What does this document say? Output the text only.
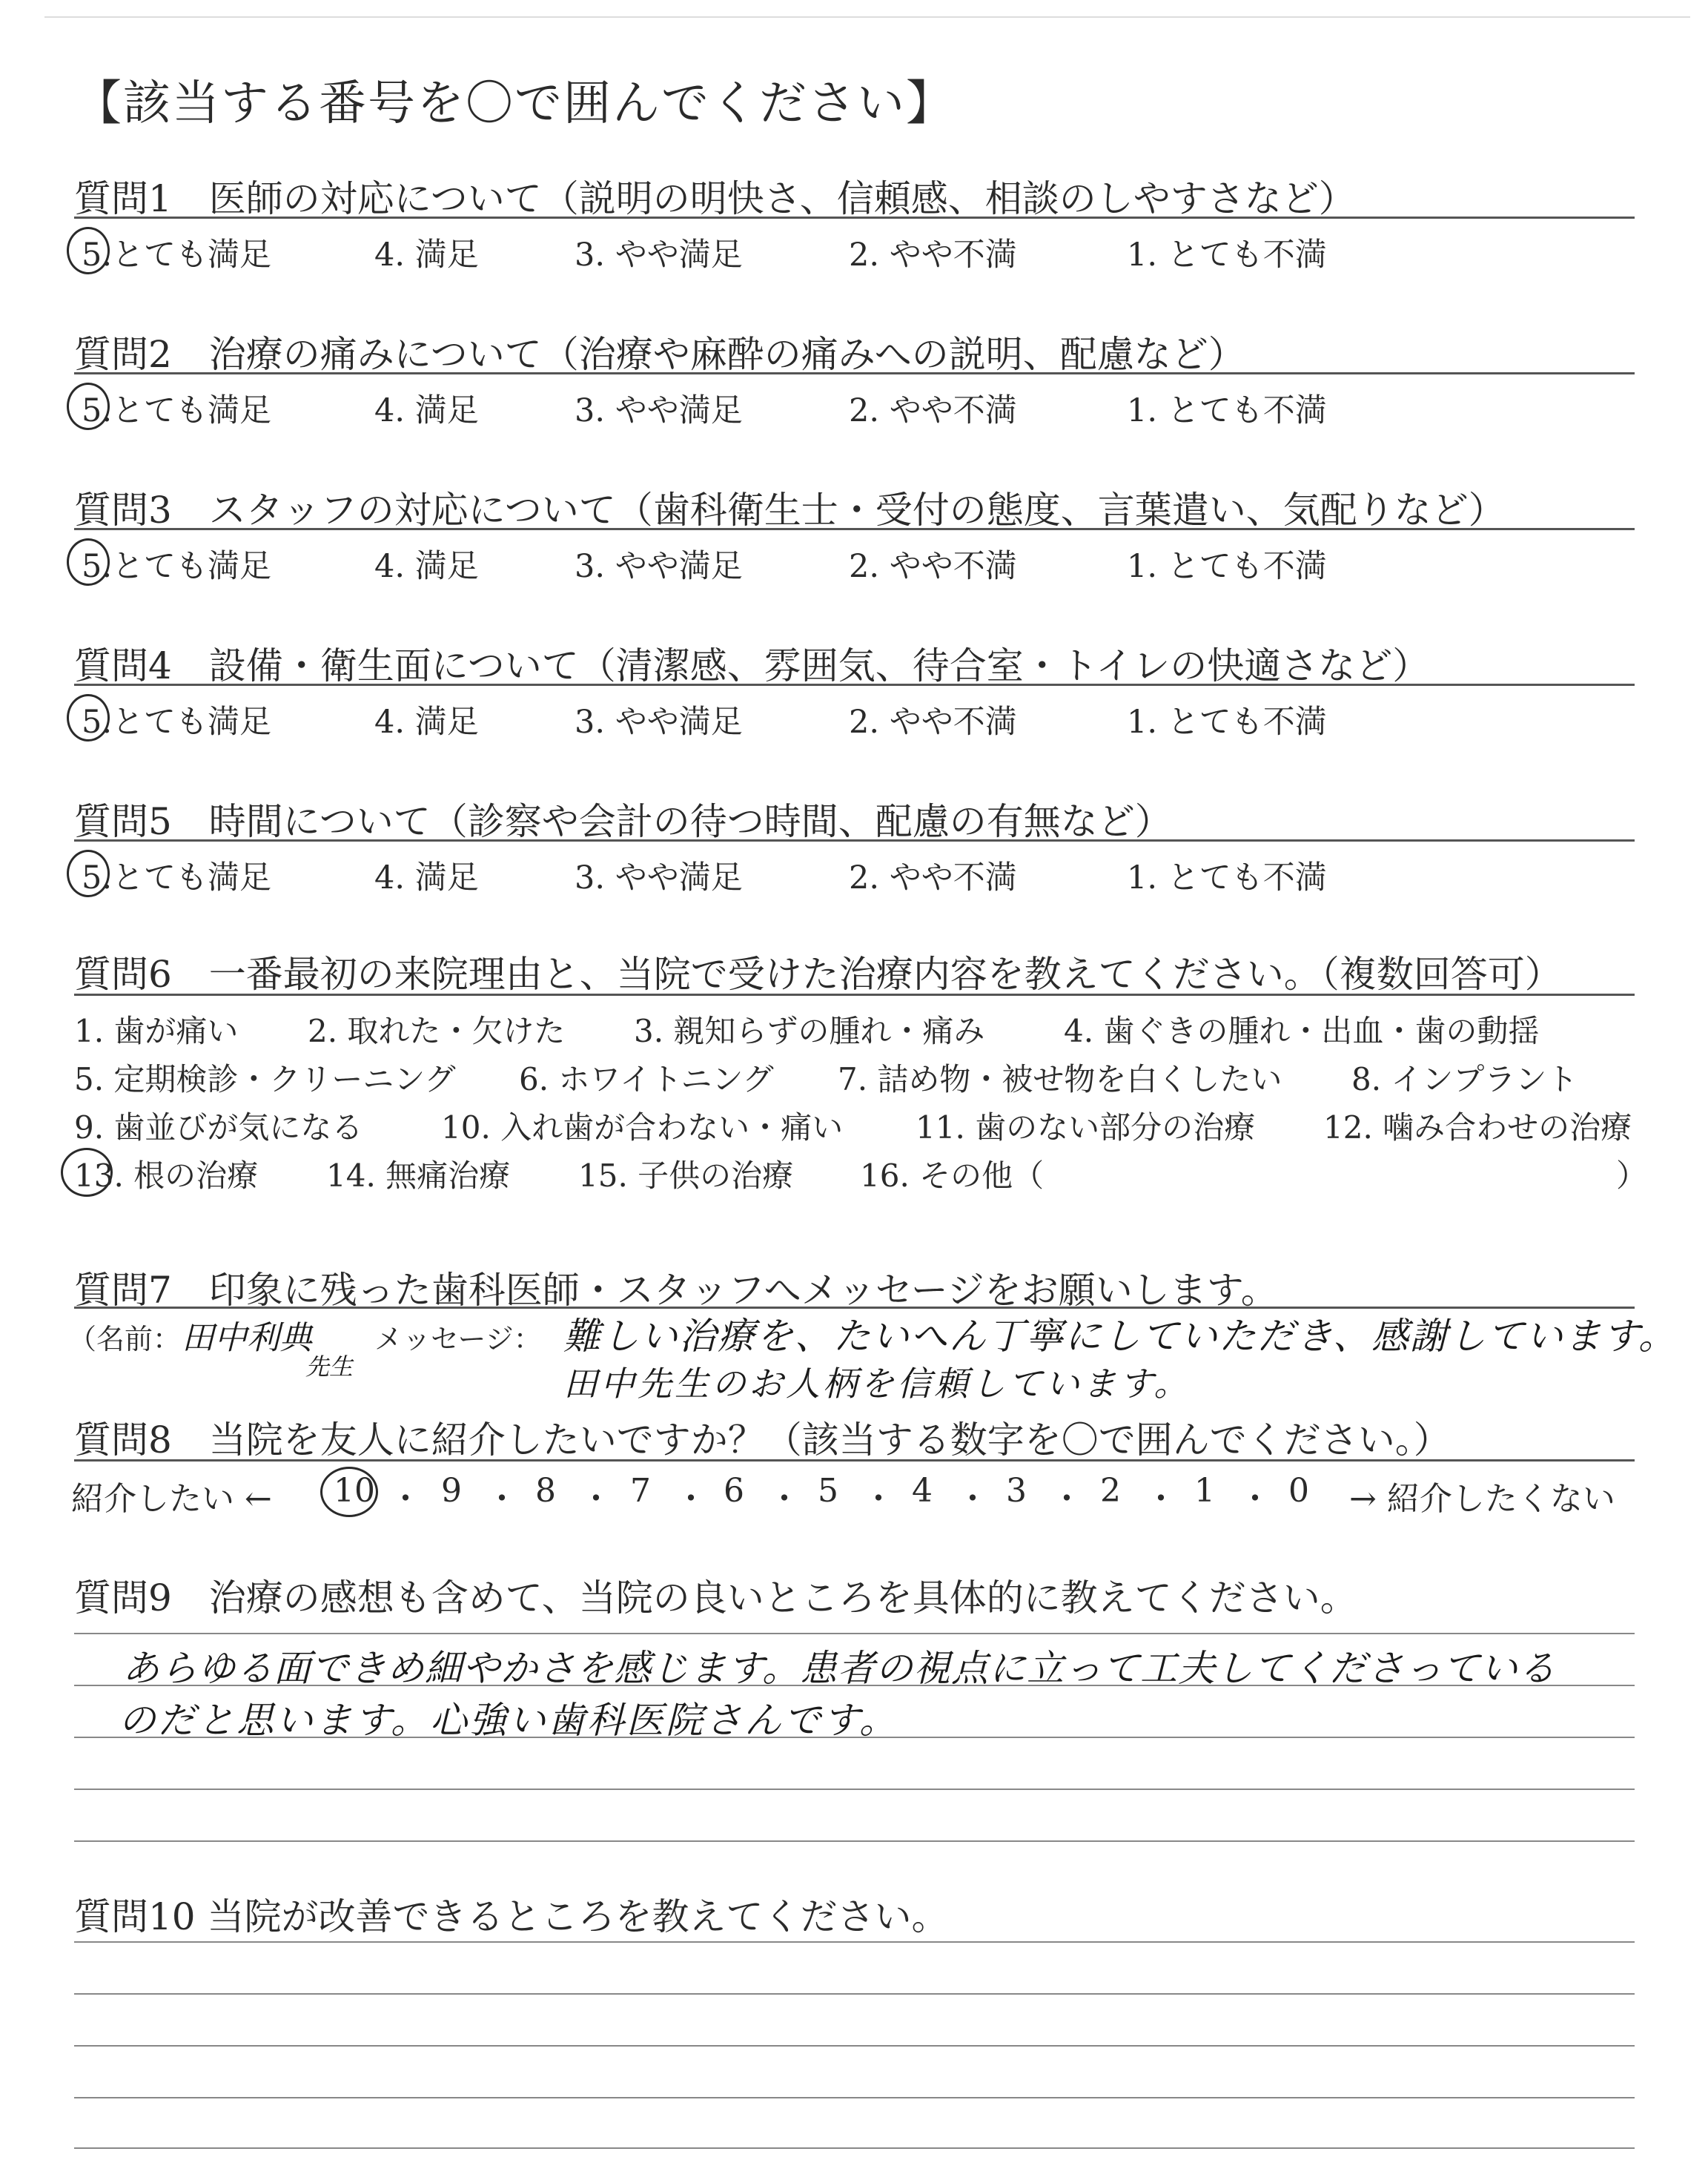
【該当する番号を〇で囲んでください】
質問1　医師の対応について（説明の明快さ、信頼感、相談のしやすさなど）
5.とても満足	4. 満足	3. やや満足	2. やや不満	1. とても不満
質問2　治療の痛みについて（治療や麻酔の痛みへの説明、配慮など）
5.とても満足	4. 満足	3. やや満足	2. やや不満	1. とても不満
質問3　スタッフの対応について（歯科衛生士・受付の態度、言葉遣い、気配りなど）
5.とても満足	4. 満足	3. やや満足	2. やや不満	1. とても不満
質問4　設備・衛生面について（清潔感、雰囲気、待合室・トイレの快適さなど）
5.とても満足	4. 満足	3. やや満足	2. やや不満	1. とても不満
質問5　時間について（診察や会計の待つ時間、配慮の有無など）
5.とても満足	4. 満足	3. やや満足	2. やや不満	1. とても不満
質問6　一番最初の来院理由と、当院で受けた治療内容を教えてください。（複数回答可）
1. 歯が痛い 2. 取れた・欠けた 3. 親知らずの腫れ・痛み	4. 歯ぐきの腫れ・出血・歯の動揺
5. 定期検診・クリーニング 6. ホワイトニング 7. 詰め物・被せ物を白くしたい 8. インプラント
9. 歯並びが気になる	10. 入れ歯が合わない・痛い 11. 歯のない部分の治療 12. 噛み合わせの治療
13. 根の治療 14. 無痛治療 15. 子供の治療 16. その他（	）
質問7　印象に残った歯科医師・スタッフへメッセージをお願いします。
（名前： 田中利典
先生
メッセージ： 難しい治療を、たいへん丁寧にしていただき、感謝しています。
田中先生のお人柄を信頼しています。
質問8　当院を友人に紹介したいですか？（該当する数字を〇で囲んでください。）
紹介したい ← 10 ・ 9 ・ 8 ・ 7 ・ 6 ・ 5 ・ 4 ・ 3 ・ 2 ・ 1 ・ 0 → 紹介したくない
質問9　治療の感想も含めて、当院の良いところを具体的に教えてください。
あらゆる面できめ細やかさを感じます。患者の視点に立って工夫してくださっている
のだと思います。心強い歯科医院さんです。
質問10 当院が改善できるところを教えてください。
